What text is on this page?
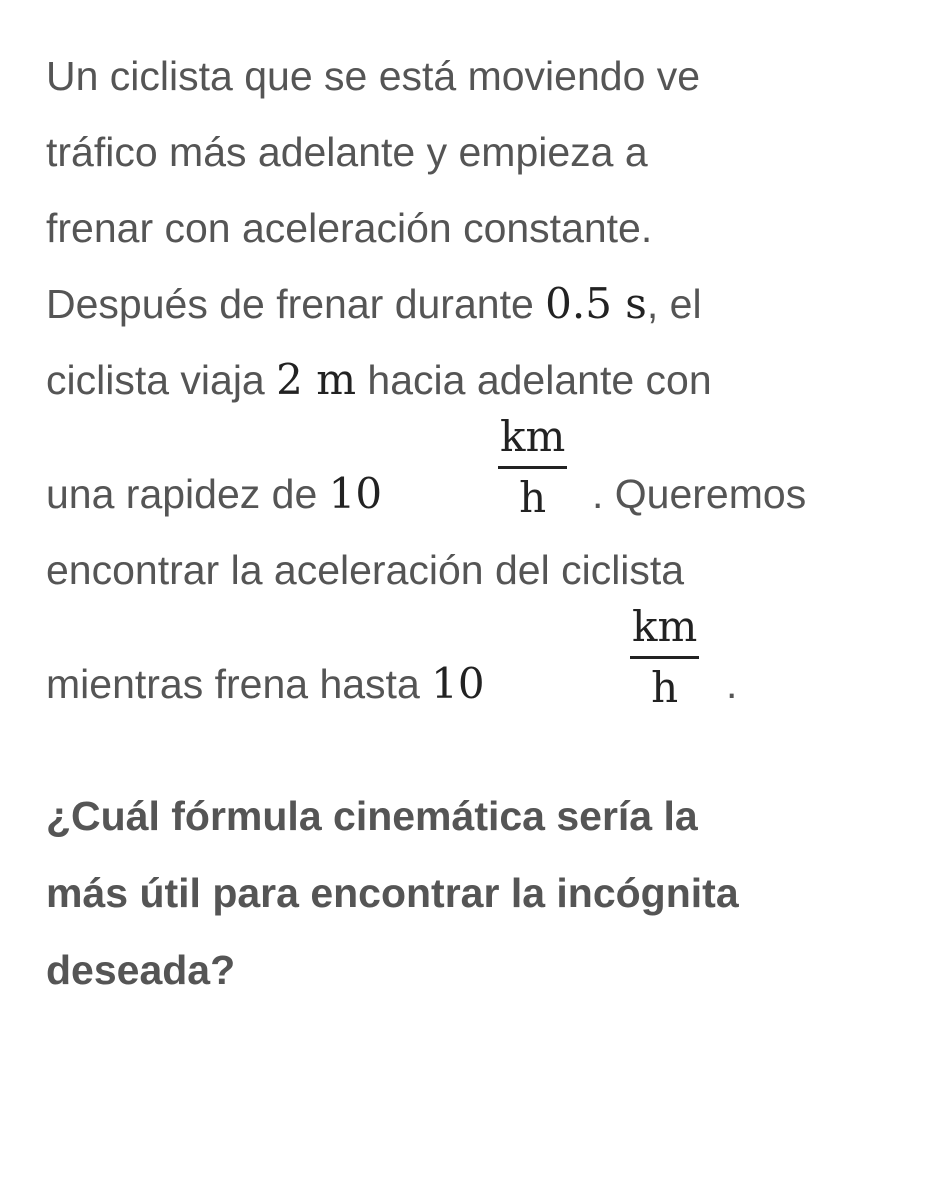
Un ciclista que se está moviendo ve
tráfico más adelante y empieza a
frenar con aceleración constante.
Después de frenar durante 0.5 s, el
ciclista viaja 2 m hacia adelante con
una rapidez de 10
km
h . Queremos
encontrar la aceleración del ciclista
mientras frena hasta 10
km
h .
¿Cuál fórmula cinemática sería la
más útil para encontrar la incógnita
deseada?
